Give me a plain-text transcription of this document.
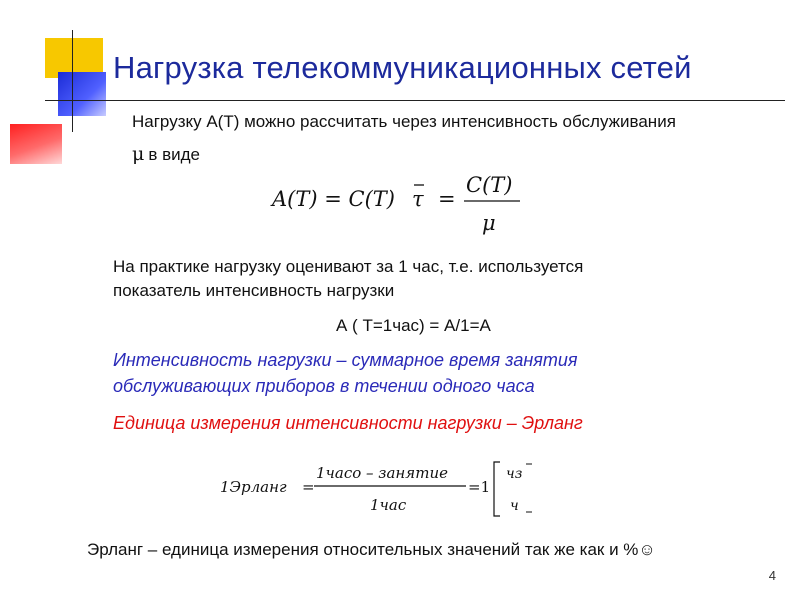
Нагрузка телекоммуникационных сетей
Нагрузку А(Т) можно рассчитать через интенсивность обслуживания
μ в виде
A(T) = C(T) τ =
C(T)
μ
На практике нагрузку оценивают за 1 час, т.е. используется
показатель интенсивность нагрузки
А ( Т=1час) = А/1=А
Интенсивность нагрузки – суммарное время занятия
обслуживающих приборов в течении одного часа
Единица измерения интенсивности нагрузки – Эрланг
1Эрланг =
1часо – занятие
1час
=1
чз
ч
Эрланг – единица измерения относительных значений так же как и %☺
4
